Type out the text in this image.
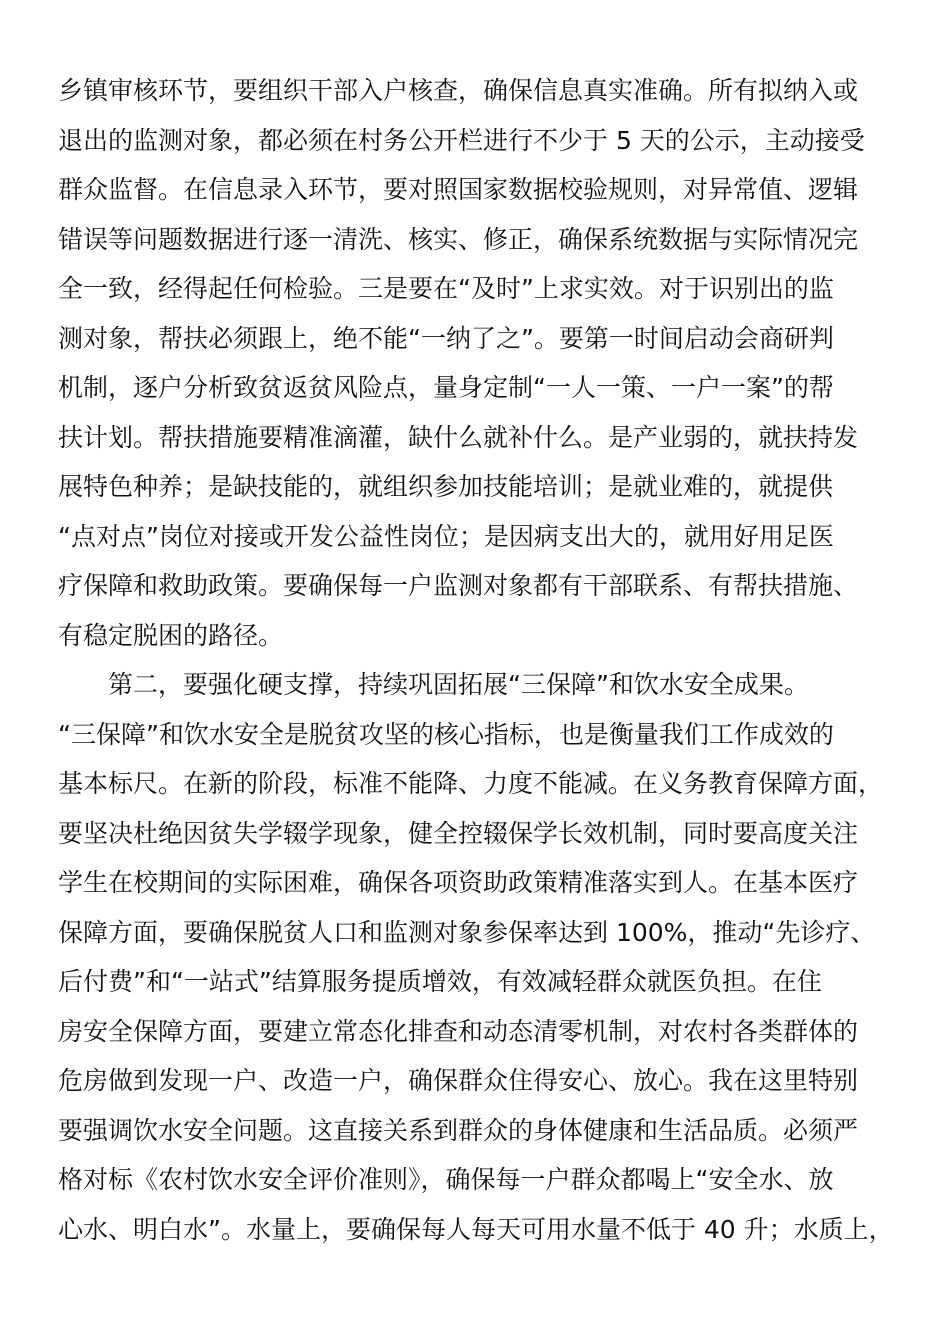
乡镇审核环节，要组织干部入户核查，确保信息真实准确。所有拟纳入或
退出的监测对象，都必须在村务公开栏进行不少于 5 天的公示，主动接受
群众监督。在信息录入环节，要对照国家数据校验规则，对异常值、逻辑
错误等问题数据进行逐一清洗、核实、修正，确保系统数据与实际情况完
全一致，经得起任何检验。三是要在“及时”上求实效。对于识别出的监
测对象，帮扶必须跟上，绝不能“一纳了之”。要第一时间启动会商研判
机制，逐户分析致贫返贫风险点，量身定制“一人一策、一户一案”的帮
扶计划。帮扶措施要精准滴灌，缺什么就补什么。是产业弱的，就扶持发
展特色种养；是缺技能的，就组织参加技能培训；是就业难的，就提供
“点对点”岗位对接或开发公益性岗位；是因病支出大的，就用好用足医
疗保障和救助政策。要确保每一户监测对象都有干部联系、有帮扶措施、
有稳定脱困的路径。
第二，要强化硬支撑，持续巩固拓展“三保障”和饮水安全成果。
“三保障”和饮水安全是脱贫攻坚的核心指标，也是衡量我们工作成效的
基本标尺。在新的阶段，标准不能降、力度不能减。在义务教育保障方面，
要坚决杜绝因贫失学辍学现象，健全控辍保学长效机制，同时要高度关注
学生在校期间的实际困难，确保各项资助政策精准落实到人。在基本医疗
保障方面，要确保脱贫人口和监测对象参保率达到 100%，推动“先诊疗、
后付费”和“一站式”结算服务提质增效，有效减轻群众就医负担。在住
房安全保障方面，要建立常态化排查和动态清零机制，对农村各类群体的
危房做到发现一户、改造一户，确保群众住得安心、放心。我在这里特别
要强调饮水安全问题。这直接关系到群众的身体健康和生活品质。必须严
格对标《农村饮水安全评价准则》，确保每一户群众都喝上“安全水、放
心水、明白水”。水量上，要确保每人每天可用水量不低于 40 升；水质上，
